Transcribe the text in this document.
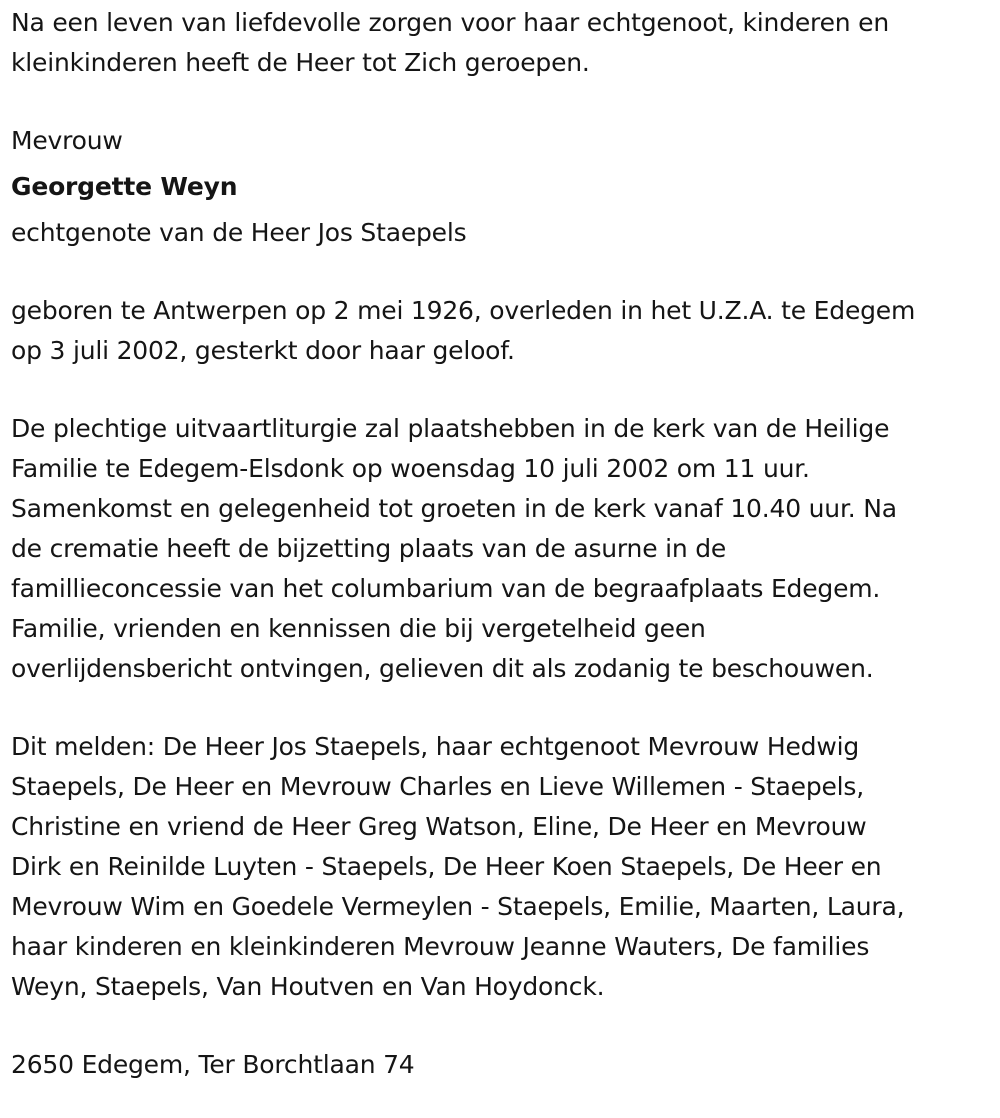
Na een leven van liefdevolle zorgen voor haar echtgenoot, kinderen en
kleinkinderen heeft de Heer tot Zich geroepen.

Mevrouw

Georgette Weyn

echtgenote van de Heer Jos Staepels

geboren te Antwerpen op 2 mei 1926, overleden in het U.Z.A. te Edegem
op 3 juli 2002, gesterkt door haar geloof.

De plechtige uitvaartliturgie zal plaatshebben in de kerk van de Heilige
Familie te Edegem-Elsdonk op woensdag 10 juli 2002 om 11 uur.
Samenkomst en gelegenheid tot groeten in de kerk vanaf 10.40 uur. Na
de crematie heeft de bijzetting plaats van de asurne in de
famillieconcessie van het columbarium van de begraafplaats Edegem.
Familie, vrienden en kennissen die bij vergetelheid geen
overlijdensbericht ontvingen, gelieven dit als zodanig te beschouwen.

Dit melden: De Heer Jos Staepels, haar echtgenoot Mevrouw Hedwig
Staepels, De Heer en Mevrouw Charles en Lieve Willemen - Staepels,
Christine en vriend de Heer Greg Watson, Eline, De Heer en Mevrouw
Dirk en Reinilde Luyten - Staepels, De Heer Koen Staepels, De Heer en
Mevrouw Wim en Goedele Vermeylen - Staepels, Emilie, Maarten, Laura,
haar kinderen en kleinkinderen Mevrouw Jeanne Wauters, De families
Weyn, Staepels, Van Houtven en Van Hoydonck.

2650 Edegem, Ter Borchtlaan 74
